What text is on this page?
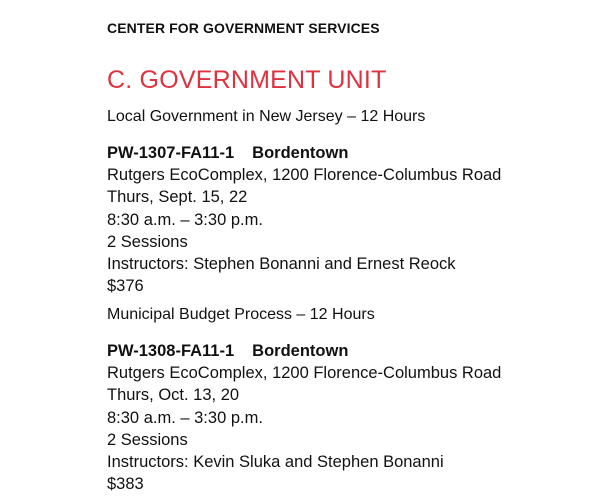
CENTER FOR GOVERNMENT SERVICES
C. GOVERNMENT UNIT
Local Government in New Jersey – 12 Hours
PW-1307-FA11-1 Bordentown
Rutgers EcoComplex, 1200 Florence-Columbus Road
Thurs, Sept. 15, 22
8:30 a.m. – 3:30 p.m.
2 Sessions
Instructors: Stephen Bonanni and Ernest Reock
$376
Municipal Budget Process – 12 Hours
PW-1308-FA11-1 Bordentown
Rutgers EcoComplex, 1200 Florence-Columbus Road
Thurs, Oct. 13, 20
8:30 a.m. – 3:30 p.m.
2 Sessions
Instructors: Kevin Sluka and Stephen Bonanni
$383
